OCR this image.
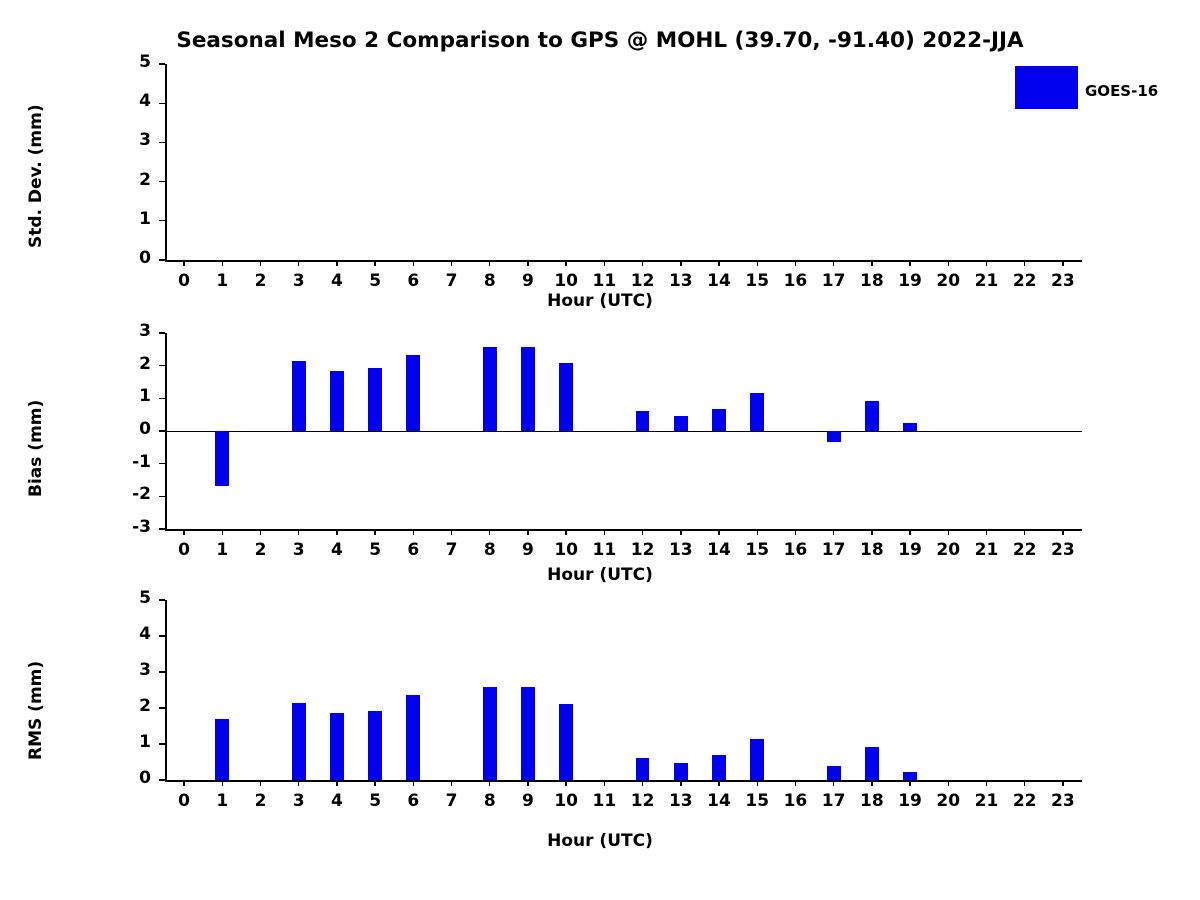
Seasonal Meso 2 Comparison to GPS @ MOHL (39.70, -91.40) 2022-JJA
Std. Dev. (mm)
Hour (UTC)
0
1
2
3
4
5
0	1	2	3	4	5	6	7	8	9	10 11 12 13 14 15 16 17 18 19 20 21 22 23
Bias (mm)
Hour (UTC)
-3
-2
-1
0
1
2
3
0	1	2	3	4	5	6	7	8	9	10 11 12 13 14 15 16 17 18 19 20 21 22 23
RMS (mm)
Hour (UTC)
0
1
2
3
4
5
0	1	2	3	4	5	6	7	8	9	10 11 12 13 14 15 16 17 18 19 20 21 22 23
GOES-16
